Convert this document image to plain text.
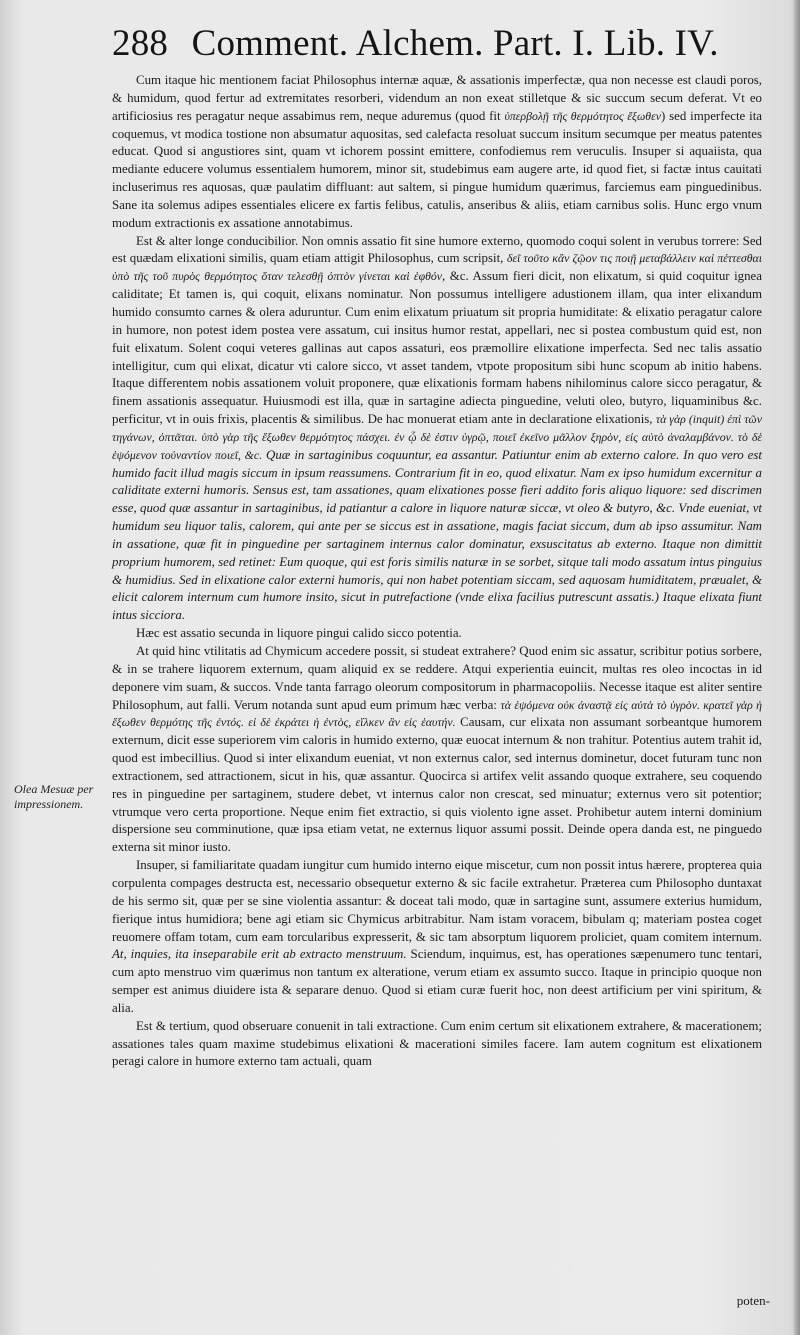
288 Comment. Alchem. Part. I. Lib. IV.
Olea Mesuæ per impressionem.

Cum itaque hic mentionem faciat Philosophus internæ aquæ, & assationis imperfectæ, qua non necesse est claudi poros, & humidum, quod fertur ad extremitates resorberi, videndum an non exeat stilletque & sic succum secum deferat. Vt eo artificiosius res peragatur neque assabimus rem, neque aduremus (quod fit ὑπερβολῇ τῆς θερμότητος ἔξωθεν) sed imperfecte ita coquemus, vt modica tostione non absumatur aquositas, sed calefacta resoluat succum insitum secumque per meatus patentes educat. Quod si angustiores sint, quam vt ichorem possint emittere, confodiemus rem veruculis. Insuper si aquaiista, qua mediante educere volumus essentialem humorem, minor sit, studebimus eam augere arte, id quod fiet, si factæ intus cauitati incluserimus res aquosas, quæ paulatim diffluant: aut saltem, si pingue humidum quærimus, farciemus eam pinguedinibus. Sane ita solemus adipes essentiales elicere ex fartis felibus, catulis, anseribus & aliis, etiam carnibus solis. Hunc ergo vnum modum extractionis ex assatione annotabimus.

Est & alter longe conducibilior. Non omnis assatio fit sine humore externo, quomodo coqui solent in verubus torrere: Sed est quædam elixationi similis, quam etiam attigit Philosophus, cum scripsit, δεῖ τοῦτο κἂν ζῷον τις ποιῇ μεταβάλλειν καὶ πέττεσθαι ὑπὸ τῆς τοῦ πυρὸς θερμότητος ὅταν τελεσθῇ ὀπτὸν γίνεται καὶ ἑφθόν, &c. Assum fieri dicit, non elixatum, si quid coquitur ignea caliditate; Et tamen is, qui coquit, elixans nominatur. Non possumus intelligere adustionem illam, qua inter elixandum humido consumto carnes & olera aduruntur. Cum enim elixatum priuatum sit propria humiditate: & elixatio peragatur calore in humore, non potest idem postea vere assatum, cui insitus humor restat, appellari, nec si postea combustum quid est, non fuit elixatum. Solent coqui veteres gallinas aut capos assaturi, eos præmollire elixatione imperfecta. Sed nec talis assatio intelligitur, cum qui elixat, dicatur vti calore sicco, vt asset tandem, vtpote propositum sibi hunc scopum ab initio habens. Itaque differentem nobis assationem voluit proponere, quæ elixationis formam habens nihilominus calore sicco peragatur, & finem assationis assequatur. Huiusmodi est illa, quæ in sartagine adiecta pinguedine, veluti oleo, butyro, liquaminibus &c. perficitur, vt in ouis frixis, placentis & similibus. De hac monuerat etiam ante in declaratione elixationis, τὰ γὰρ (inquit) ἐπὶ τῶν τηγάνων, ὀπτᾶται. ὑπὸ γὰρ τῆς ἔξωθεν θερμότητος πάσχει. ἐν ᾧ δὲ ἐστιν ὑγρῷ, ποιεῖ ἐκεῖνο μᾶλλον ξηρὸν, εἰς αὐτὸ ἀναλαμβάνον. τὸ δὲ ἑψόμενον τοὐναντίον ποιεῖ, &c. Quæ in sartaginibus coquuntur, ea assantur. Patiuntur enim ab externo calore. In quo vero est humido facit illud magis siccum in ipsum reassumens. Contrarium fit in eo, quod elixatur. Nam ex ipso humidum excernitur a caliditate externi humoris. Sensus est, tam assationes, quam elixationes posse fieri addito foris aliquo liquore: sed discrimen esse, quod quæ assantur in sartaginibus, id patiantur a calore in liquore naturæ siccæ, vt oleo & butyro, &c. Vnde eueniat, vt humidum seu liquor talis, calorem, qui ante per se siccus est in assatione, magis faciat siccum, dum ab ipso assumitur. Nam in assatione, quæ fit in pinguedine per sartaginem internus calor dominatur, exsuscitatus ab externo. Itaque non dimittit proprium humorem, sed retinet: Eum quoque, qui est foris similis naturæ in se sorbet, sitque tali modo assatum intus pinguius & humidius. Sed in elixatione calor externi humoris, qui non habet potentiam siccam, sed aquosam humiditatem, præualet, & elicit calorem internum cum humore insito, sicut in putrefactione (vnde elixa facilius putrescunt assatis.) Itaque elixata fiunt intus sicciora.

Hæc est assatio secunda in liquore pingui calido sicco potentia.

At quid hinc vtilitatis ad Chymicum accedere possit, si studeat extrahere? Quod enim sic assatur, scribitur potius sorbere, & in se trahere liquorem externum, quam aliquid ex se reddere. Atqui experientia euincit, multas res oleo incoctas in id deponere vim suam, & succos. Vnde tanta farrago oleorum compositorum in pharmacopoliis. Necesse itaque est aliter sentire Philosophum, aut falli. Verum notanda sunt apud eum primum hæc verba: τὰ ἑψόμενα οὐκ ἀναστᾷ εἰς αὐτὰ τὸ ὑγρὸν. κρατεῖ γὰρ ἡ ἔξωθεν θερμότης τῆς ἐντός. εἰ δὲ ἐκράτει ἡ ἐντὸς, εἵλκεν ἂν εἰς ἑαυτήν. Causam, cur elixata non assumant sorbeantque humorem externum, dicit esse superiorem vim caloris in humido externo, quæ euocat internum & non trahitur. Potentius autem trahit id, quod est imbecillius. Quod si inter elixandum eueniat, vt non externus calor, sed internus dominetur, docet futuram tunc non extractionem, sed attractionem, sicut in his, quæ assantur. Quocirca si artifex velit assando quoque extrahere, seu coquendo res in pinguedine per sartaginem, studere debet, vt internus calor non crescat, sed minuatur; externus vero sit potentior; vtrumque vero certa proportione. Neque enim fiet extractio, si quis violento igne asset. Prohibetur autem interni dominium dispersione seu comminutione, quæ ipsa etiam vetat, ne externus liquor assumi possit. Deinde opera danda est, ne pinguedo externa sit minor iusto.

Insuper, si familiaritate quadam iungitur cum humido interno eique miscetur, cum non possit intus hærere, propterea quia corpulenta compages destructa est, necessario obsequetur externo & sic facile extrahetur. Præterea cum Philosopho duntaxat de his sermo sit, quæ per se sine violentia assantur: & doceat tali modo, quæ in sartagine sunt, assumere exterius humidum, fierique intus humidiora; bene agi etiam sic Chymicus arbitrabitur. Nam istam voracem, bibulam q; materiam postea coget reuomere offam totam, cum eam torcularibus expresserit, & sic tam absorptum liquorem proliciet, quam comitem internum. At, inquies, ita inseparabile erit ab extracto menstruum. Sciendum, inquimus, est, has operationes sæpenumero tunc tentari, cum apto menstruo vim quærimus non tantum ex alteratione, verum etiam ex assumto succo. Itaque in principio quoque non semper est animus diuidere ista & separare denuo. Quod si etiam curæ fuerit hoc, non deest artificium per vini spiritum, & alia.

Est & tertium, quod obseruare conuenit in tali extractione. Cum enim certum sit elixationem extrahere, & macerationem; assationes tales quam maxime studebimus elixationi & macerationi similes facere. Iam autem cognitum est elixationem peragi calore in humore externo tam actuali, quam

poten-
